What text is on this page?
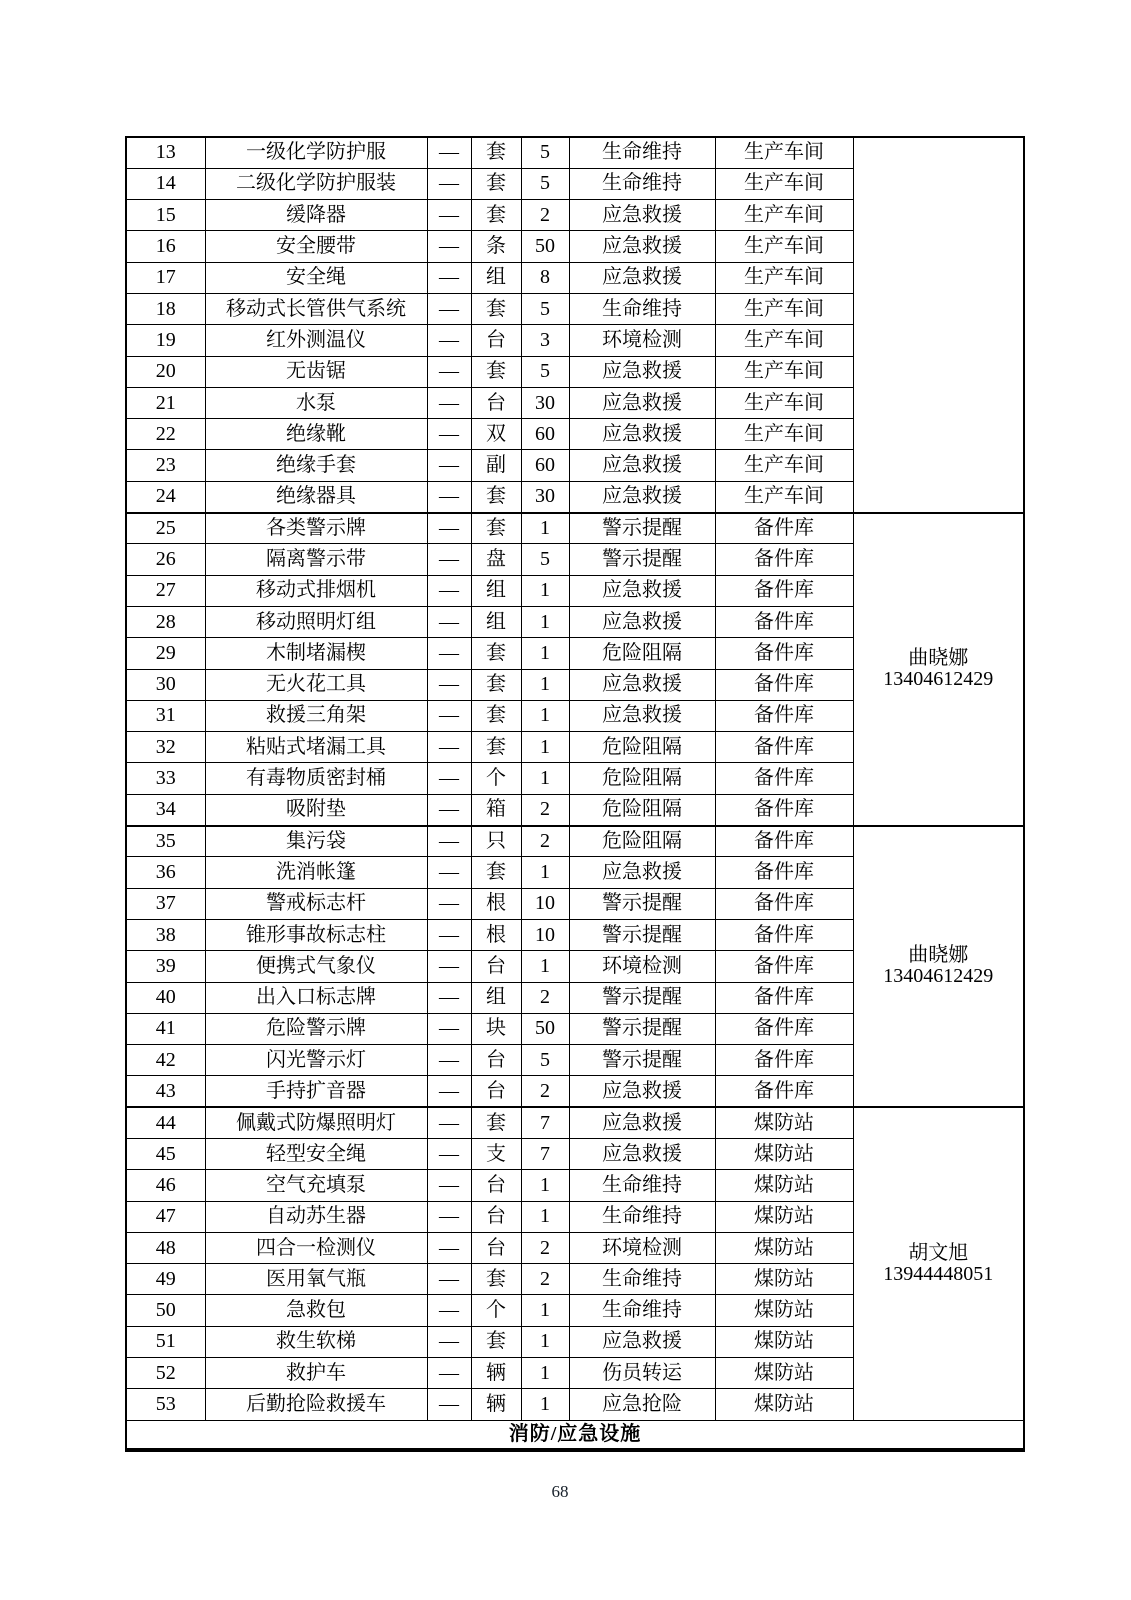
13	一级化学防护服	—	套	5	生命维持	生产车间	
14	二级化学防护服装	—	套	5	生命维持	生产车间	
15	缓降器	—	套	2	应急救援	生产车间	
16	安全腰带	—	条	50	应急救援	生产车间	
17	安全绳	—	组	8	应急救援	生产车间	
18	移动式长管供气系统	—	套	5	生命维持	生产车间	
19	红外测温仪	—	台	3	环境检测	生产车间	
20	无齿锯	—	套	5	应急救援	生产车间	
21	水泵	—	台	30	应急救援	生产车间	
22	绝缘靴	—	双	60	应急救援	生产车间	
23	绝缘手套	—	副	60	应急救援	生产车间	
24	绝缘器具	—	套	30	应急救援	生产车间	
25	各类警示牌	—	套	1	警示提醒	备件库	曲晓娜
13404612429

26	隔离警示带	—	盘	5	警示提醒	备件库	
27	移动式排烟机	—	组	1	应急救援	备件库	
28	移动照明灯组	—	组	1	应急救援	备件库	
29	木制堵漏楔	—	套	1	危险阻隔	备件库	
30	无火花工具	—	套	1	应急救援	备件库	
31	救援三角架	—	套	1	应急救援	备件库	
32	粘贴式堵漏工具	—	套	1	危险阻隔	备件库	
33	有毒物质密封桶	—	个	1	危险阻隔	备件库	
34	吸附垫	—	箱	2	危险阻隔	备件库	
35	集污袋	—	只	2	危险阻隔	备件库	曲晓娜
13404612429

36	洗消帐篷	—	套	1	应急救援	备件库	
37	警戒标志杆	—	根	10	警示提醒	备件库	
38	锥形事故标志柱	—	根	10	警示提醒	备件库	
39	便携式气象仪	—	台	1	环境检测	备件库	
40	出入口标志牌	—	组	2	警示提醒	备件库	
41	危险警示牌	—	块	50	警示提醒	备件库	
42	闪光警示灯	—	台	5	警示提醒	备件库	
43	手持扩音器	—	台	2	应急救援	备件库	
44	佩戴式防爆照明灯	—	套	7	应急救援	煤防站	胡文旭
13944448051

45	轻型安全绳	—	支	7	应急救援	煤防站	
46	空气充填泵	—	台	1	生命维持	煤防站	
47	自动苏生器	—	台	1	生命维持	煤防站	
48	四合一检测仪	—	台	2	环境检测	煤防站	
49	医用氧气瓶	—	套	2	生命维持	煤防站	
50	急救包	—	个	1	生命维持	煤防站	
51	救生软梯	—	套	1	应急救援	煤防站	
52	救护车	—	辆	1	伤员转运	煤防站	
53	后勤抢险救援车	—	辆	1	应急抢险	煤防站	
消防/应急设施							
68
